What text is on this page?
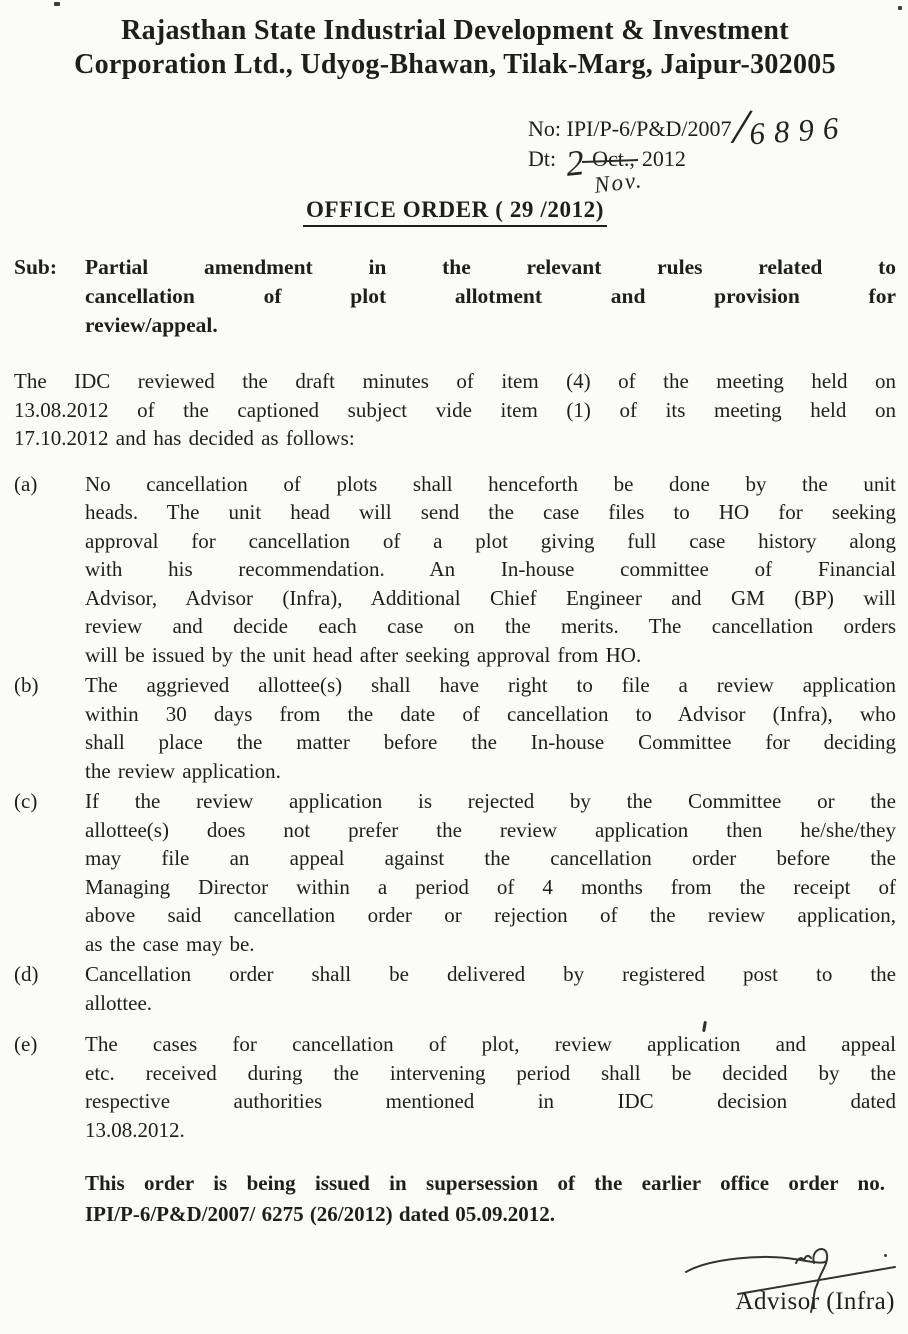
Rajasthan State Industrial Development & Investment
Corporation Ltd., Udyog-Bhawan, Tilak-Marg, Jaipur-302005
No: IPI/P-6/P&D/2007/6896
Dt: 2 Oct., 2012
Nov.
OFFICE ORDER ( 29 /2012)
Sub:	Partial amendment in the relevant rules related to
cancellation of plot allotment and provision for
review/appeal.
The IDC reviewed the draft minutes of item (4) of the meeting held on
13.08.2012 of the captioned subject vide item (1) of its meeting held on
17.10.2012 and has decided as follows:
(a)	No cancellation of plots shall henceforth be done by the unit
heads. The unit head will send the case files to HO for seeking
approval for cancellation of a plot giving full case history along
with his recommendation. An In-house committee of Financial
Advisor, Advisor (Infra), Additional Chief Engineer and GM (BP) will
review and decide each case on the merits. The cancellation orders
will be issued by the unit head after seeking approval from HO.
(b)	The aggrieved allottee(s) shall have right to file a review application
within 30 days from the date of cancellation to Advisor (Infra), who
shall place the matter before the In-house Committee for deciding
the review application.
(c)	If the review application is rejected by the Committee or the
allottee(s) does not prefer the review application then he/she/they
may file an appeal against the cancellation order before the
Managing Director within a period of 4 months from the receipt of
above said cancellation order or rejection of the review application,
as the case may be.
(d)	Cancellation order shall be delivered by registered post to the
allottee.
(e)	The cases for cancellation of plot, review application and appeal
etc. received during the intervening period shall be decided by the
respective authorities mentioned in IDC decision dated
13.08.2012.
This order is being issued in supersession of the earlier office order no.
IPI/P-6/P&D/2007/ 6275 (26/2012) dated 05.09.2012.
Advisor (Infra)
